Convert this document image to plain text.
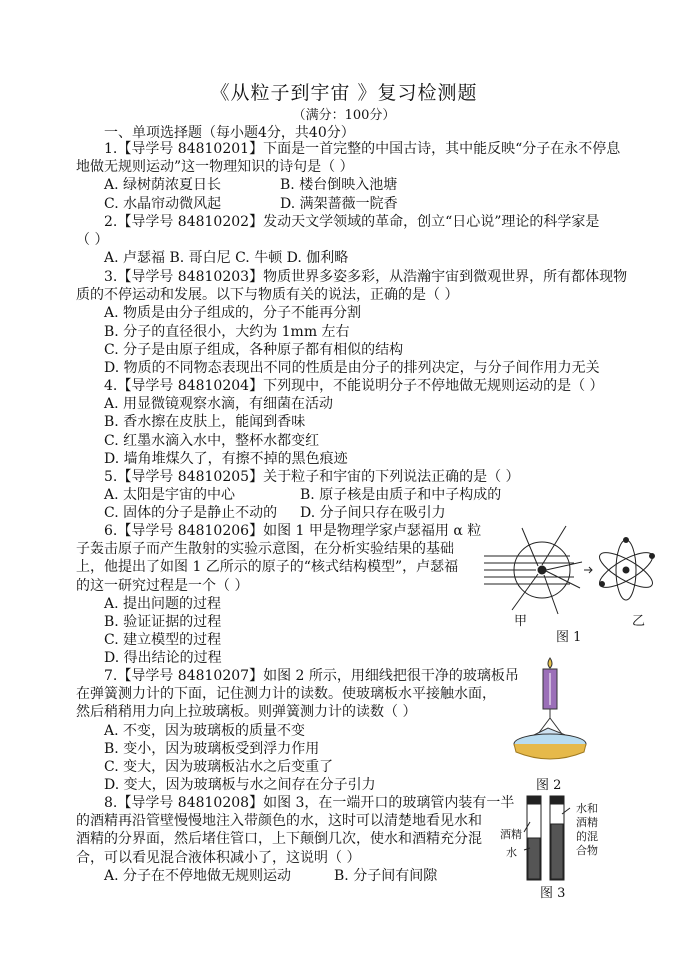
《从粒子到宇宙 》复习检测题
（满分：100分）
一、单项选择题（每小题4分，共40分）
1.【导学号 84810201】下面是一首完整的中国古诗，其中能反映“分子在永不停息
地做无规则运动”这一物理知识的诗句是（ ）
A. 绿树荫浓夏日长	B. 楼台倒映入池塘
C. 水晶帘动微风起	D. 满架蔷薇一院香
2.【导学号 84810202】发动天文学领域的革命，创立“日心说”理论的科学家是
（ ）
A. 卢瑟福 B. 哥白尼 C. 牛顿 D. 伽利略
3.【导学号 84810203】物质世界多姿多彩，从浩瀚宇宙到微观世界，所有都体现物
质的不停运动和发展。以下与物质有关的说法，正确的是（ ）
A. 物质是由分子组成的，分子不能再分割
B. 分子的直径很小，大约为 1mm 左右
C. 分子是由原子组成，各种原子都有相似的结构
D. 物质的不同物态表现出不同的性质是由分子的排列决定，与分子间作用力无关
4.【导学号 84810204】下列现中，不能说明分子不停地做无规则运动的是（ ）
A. 用显微镜观察水滴，有细菌在活动
B. 香水擦在皮肤上，能闻到香味
C. 红墨水滴入水中，整杯水都变红
D. 墙角堆煤久了，有擦不掉的黑色痕迹
5.【导学号 84810205】关于粒子和宇宙的下列说法正确的是（ ）
A. 太阳是宇宙的中心	B. 原子核是由质子和中子构成的
C. 固体的分子是静止不动的	D. 分子间只存在吸引力
6.【导学号 84810206】如图 1 甲是物理学家卢瑟福用 α 粒
子轰击原子而产生散射的实验示意图，在分析实验结果的基础
上，他提出了如图 1 乙所示的原子的“核式结构模型”，卢瑟福
的这一研究过程是一个（ ）
A. 提出问题的过程
B. 验证证据的过程
C. 建立模型的过程
D. 得出结论的过程
7.【导学号 84810207】如图 2 所示，用细线把很干净的玻璃板吊
在弹簧测力计的下面，记住测力计的读数。使玻璃板水平接触水面，
然后稍稍用力向上拉玻璃板。则弹簧测力计的读数（ ）
A. 不变，因为玻璃板的质量不变
B. 变小，因为玻璃板受到浮力作用
C. 变大，因为玻璃板沾水之后变重了
D. 变大，因为玻璃板与水之间存在分子引力
8.【导学号 84810208】如图 3，在一端开口的玻璃管内装有一半
的酒精再沿管壁慢慢地注入带颜色的水，这时可以清楚地看见水和
酒精的分界面，然后堵住管口，上下颠倒几次，使水和酒精充分混
合，可以看见混合液体积减小了，这说明（ ）
A. 分子在不停地做无规则运动	B. 分子间有间隙
甲	乙
图 1
图 2
酒精
水
水和
酒精
的混
合物
图 3
